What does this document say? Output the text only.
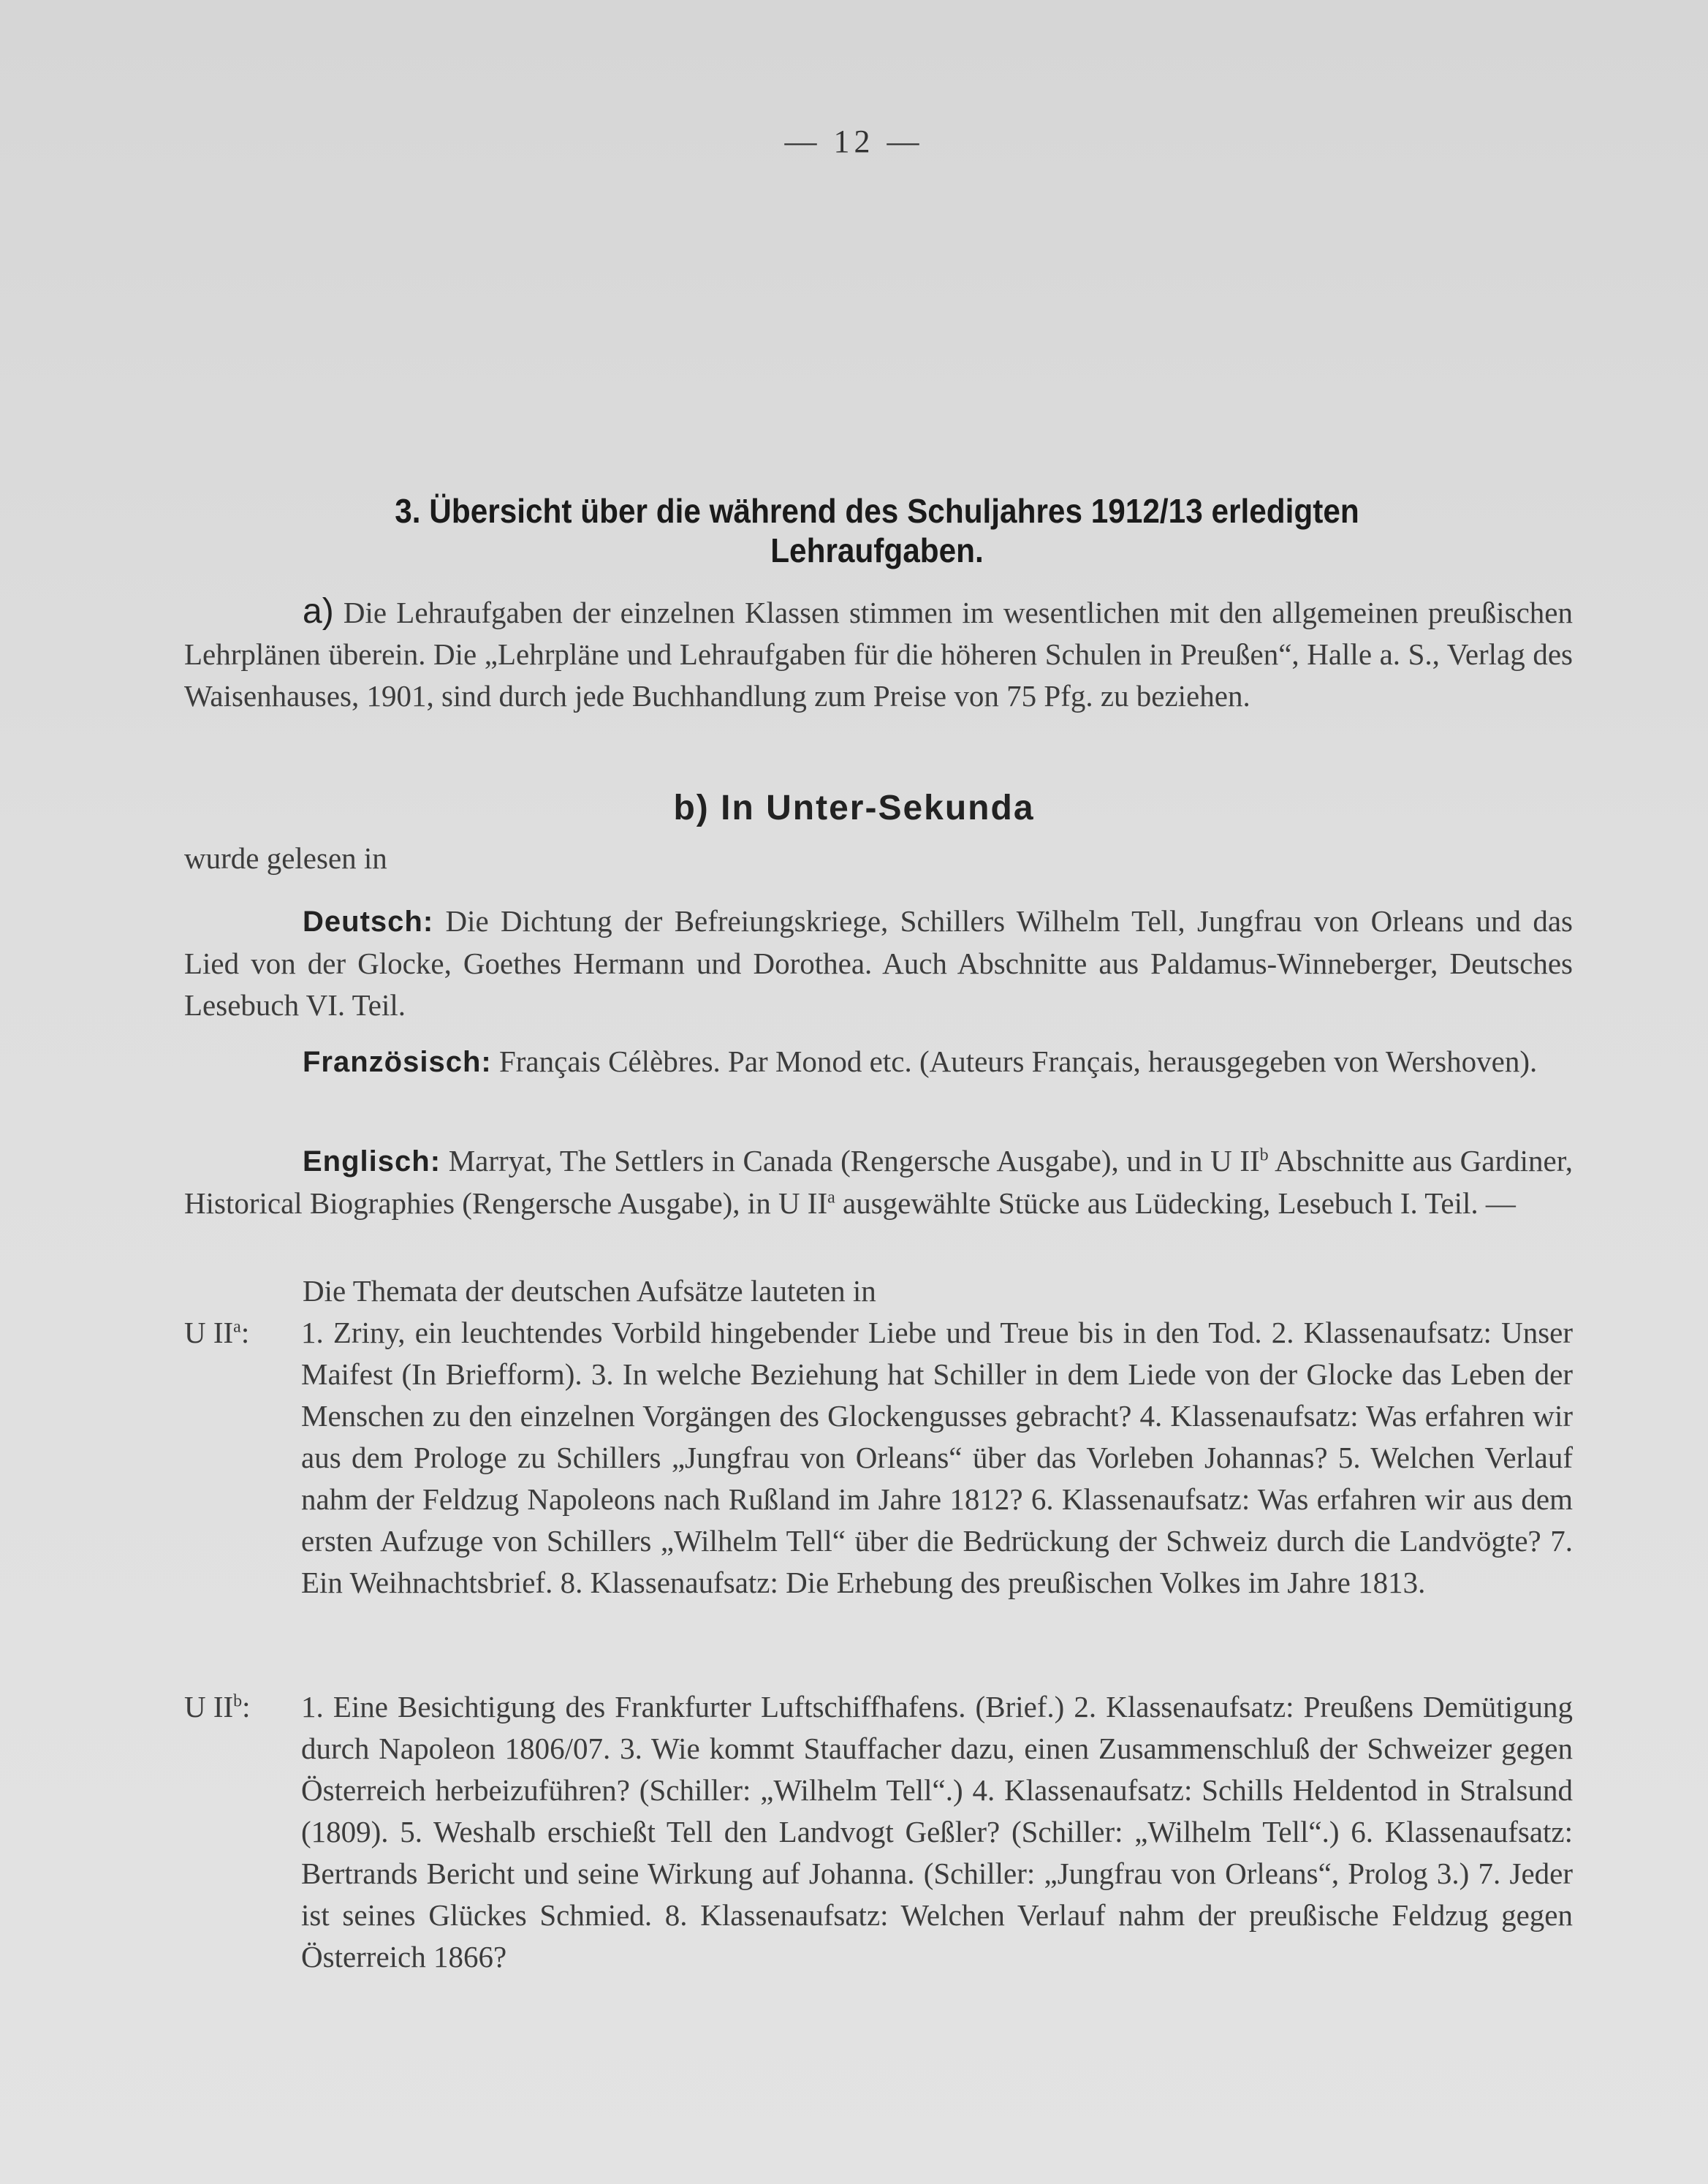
— 12 —
3. Übersicht über die während des Schuljahres 1912/13 erledigten Lehraufgaben.

a) Die Lehraufgaben der einzelnen Klassen stimmen im wesentlichen mit den allgemeinen preußischen Lehrplänen überein. Die „Lehrpläne und Lehraufgaben für die höheren Schulen in Preußen“, Halle a. S., Verlag des Waisenhauses, 1901, sind durch jede Buchhandlung zum Preise von 75 Pfg. zu beziehen.

b) In Unter-Sekunda

wurde gelesen in

Deutsch: Die Dichtung der Befreiungskriege, Schillers Wilhelm Tell, Jungfrau von Orleans und das Lied von der Glocke, Goethes Hermann und Dorothea. Auch Abschnitte aus Paldamus-Winneberger, Deutsches Lesebuch VI. Teil.

Französisch: Français Célèbres. Par Monod etc. (Auteurs Français, herausgegeben von Wershoven).

Englisch: Marryat, The Settlers in Canada (Rengersche Ausgabe), und in U $II^b$ Abschnitte aus Gardiner, Historical Biographies (Rengersche Ausgabe), in U $II^a$ ausgewählte Stücke aus Lüdecking, Lesebuch I. Teil. —

Die Themata der deutschen Aufsätze lauteten in

U $II^a$: 1. Zriny, ein leuchtendes Vorbild hingebender Liebe und Treue bis in den Tod. 2. Klassenaufsatz: Unser Maifest (In Briefform). 3. In welche Beziehung hat Schiller in dem Liede von der Glocke das Leben der Menschen zu den einzelnen Vorgängen des Glockengusses gebracht? 4. Klassenaufsatz: Was erfahren wir aus dem Prologe zu Schillers „Jungfrau von Orleans“ über das Vorleben Johannas? 5. Welchen Verlauf nahm der Feldzug Napoleons nach Rußland im Jahre 1812? 6. Klassenaufsatz: Was erfahren wir aus dem ersten Aufzuge von Schillers „Wilhelm Tell“ über die Bedrückung der Schweiz durch die Landvögte? 7. Ein Weihnachtsbrief. 8. Klassenaufsatz: Die Erhebung des preußischen Volkes im Jahre 1813.
U $II^b$: 1. Eine Besichtigung des Frankfurter Luftschiffhafens. (Brief.) 2. Klassenaufsatz: Preußens Demütigung durch Napoleon 1806/07. 3. Wie kommt Stauffacher dazu, einen Zusammenschluß der Schweizer gegen Österreich herbeizuführen? (Schiller: „Wilhelm Tell“.) 4. Klassenaufsatz: Schills Heldentod in Stralsund (1809). 5. Weshalb erschießt Tell den Landvogt Geßler? (Schiller: „Wilhelm Tell“.) 6. Klassenaufsatz: Bertrands Bericht und seine Wirkung auf Johanna. (Schiller: „Jungfrau von Orleans“, Prolog 3.) 7. Jeder ist seines Glückes Schmied. 8. Klassenaufsatz: Welchen Verlauf nahm der preußische Feldzug gegen Österreich 1866?
